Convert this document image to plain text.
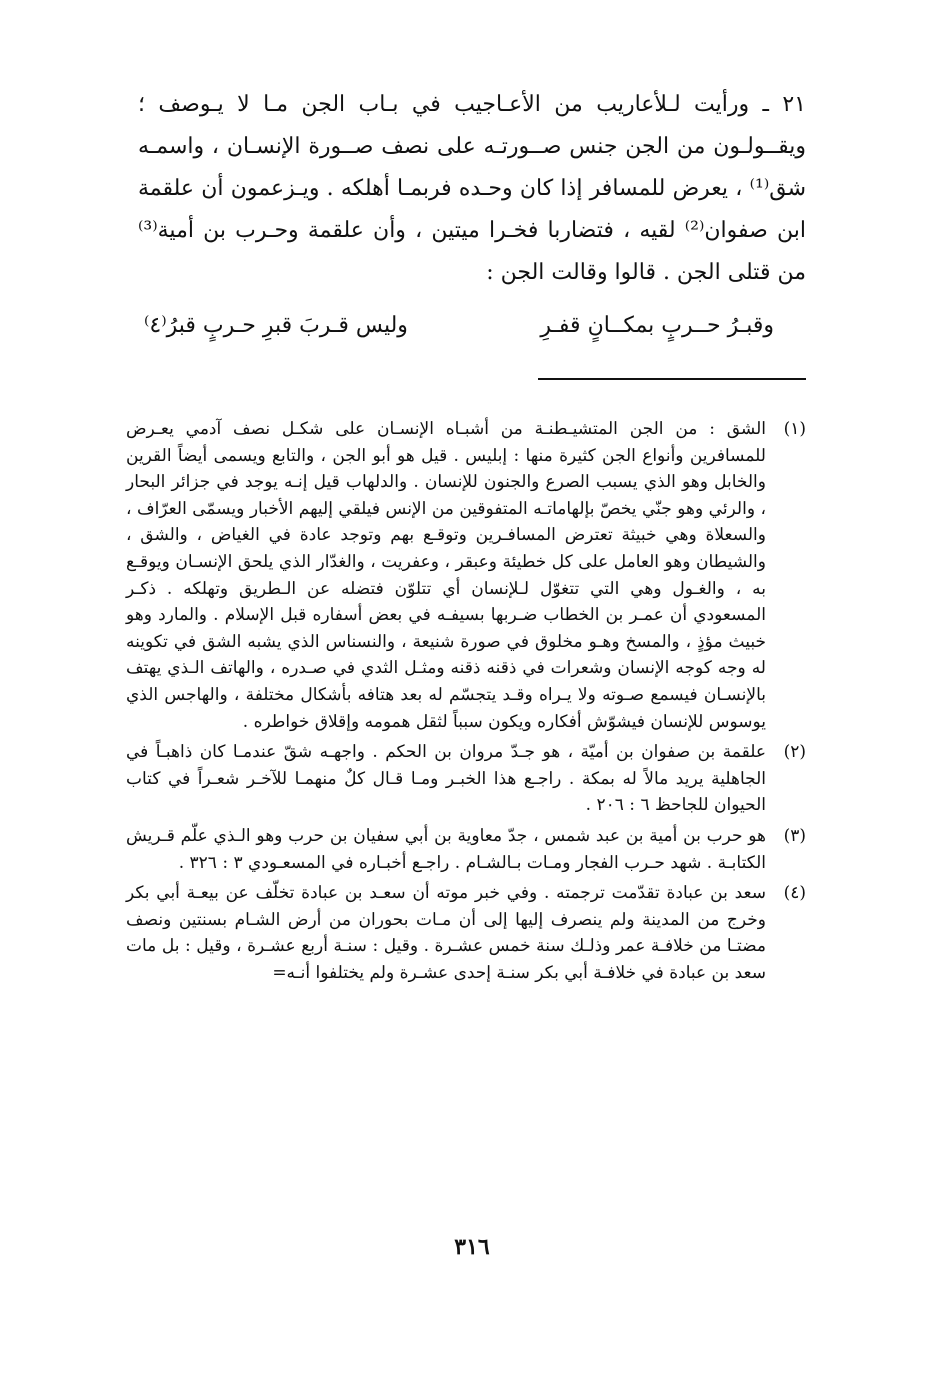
٢١ ـ ورأيت لـلأعاريب من الأعـاجيب في بـاب الجن مـا لا يـوصف ؛ ويقــولـون من الجن جنس صــورتـه على نصف صــورة الإنسـان ، واسمـه شق⁽¹⁾ ، يعرض للمسافر إذا كان وحـده فربمـا أهلكه . ويـزعمون أن علقمة ابن صفوان⁽²⁾ لقيه ، فتضاربا فخـرا ميتين ، وأن علقمة وحـرب بن أمية⁽³⁾ من قتلى الجن . قالوا وقالت الجن :

وقبـرُ حــربٍ بمكــانٍ قفـرِ
وليس قـربَ قبرِ حـربٍ قبرُ⁽٤⁾
(١)
الشق : من الجن المتشيـطنـة من أشبـاه الإنسـان على شكـل نصف آدمي يعـرض للمسافرين وأنواع الجن كثيرة منها : إبليس . قيل هو أبو الجن ، والتابع ويسمى أيضاً القرين والخابل وهو الذي يسبب الصرع والجنون للإنسان . والدلهاب قيل إنـه يوجد في جزائر البحار ، والرئي وهو جنّي يخصّ بإلهاماتـه المتفوقين من الإنس فيلقي إليهم الأخبار ويسمّى العرّاف ، والسعلاة وهي خبيثة تعترض المسافـرين وتوقـع بهم وتوجد عادة في الغياض ، والشق ، والشيطان وهو العامل على كل خطيئة وعبقر ، وعفريت ، والغدّار الذي يلحق الإنسـان ويوقـع به ، والغـول وهي التي تتغوّل لـلإنسان أي تتلوّن فتضله عن الـطريق وتهلكه . ذكـر المسعودي أن عمـر بن الخطاب ضـربها بسيفـه في بعض أسفاره قبل الإسلام . والمارد وهو خبيث مؤذٍ ، والمسخ وهـو مخلوق في صورة شنيعة ، والنسناس الذي يشبه الشق في تكوينه له وجه كوجه الإنسان وشعرات في ذقنه ذقنه ومثـل الثدي في صـدره ، والهاتف الـذي يهتف بالإنسـان فيسمع صـوته ولا يـراه وقـد يتجسّم له بعد هتافه بأشكال مختلفة ، والهاجس الذي يوسوس للإنسان فيشوّش أفكاره ويكون سبباً لثقل همومه وإقلاق خواطره .
(٢)
علقمة بن صفوان بن أميّة ، هو جـدّ مروان بن الحكم . واجهـه شقّ عندمـا كان ذاهبـاً في الجاهلية يريد مالاً له بمكة . راجـع هذا الخبـر ومـا قـال كلٌ منهمـا للآخـر شعـراً في كتاب الحيوان للجاحظ ٦ : ٢٠٦ .
(٣)
هو حرب بن أمية بن عبد شمس ، جدّ معاوية بن أبي سفيان بن حرب وهو الـذي علّم قـريش الكتابـة . شهد حـرب الفجار ومـات بـالشـام . راجـع أخبـاره في المسعـودي ٣ : ٣٢٦ .
(٤)
سعد بن عبادة تقدّمت ترجمته . وفي خبر موته أن سعـد بن عبادة تخلّف عن بيعـة أبي بكر وخرج من المدينة ولم ينصرف إليها إلى أن مـات بحوران من أرض الشـام بسنتين ونصف مضتـا من خلافـة عمر وذلـك سنة خمس عشـرة . وقيل : سنـة أربع عشـرة ، وقيل : بل مات سعد بن عبادة في خلافـة أبي بكر سنـة إحدى عشـرة ولم يختلفوا أنـه=
٣١٦
